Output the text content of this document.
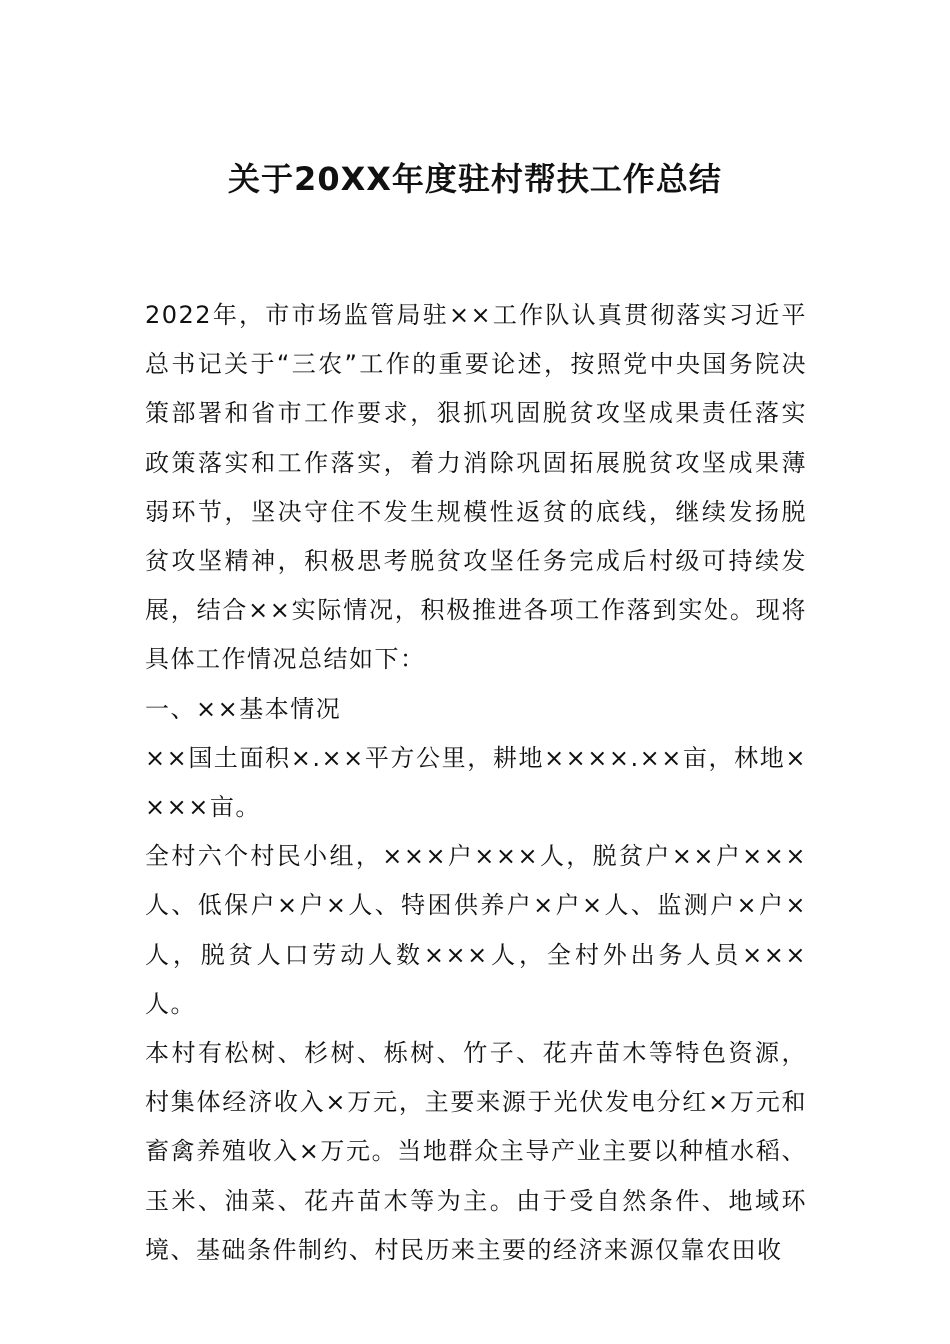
关于20XX年度驻村帮扶工作总结

2022年，市市场监管局驻××工作队认真贯彻落实习近平总书记关于“三农”工作的重要论述，按照党中央国务院决策部署和省市工作要求，狠抓巩固脱贫攻坚成果责任落实政策落实和工作落实，着力消除巩固拓展脱贫攻坚成果薄弱环节，坚决守住不发生规模性返贫的底线，继续发扬脱贫攻坚精神，积极思考脱贫攻坚任务完成后村级可持续发展，结合××实际情况，积极推进各项工作落到实处。现将具体工作情况总结如下：

一、××基本情况

××国土面积×.××平方公里，耕地××××.××亩，林地××××亩。

全村六个村民小组，×××户×××人，脱贫户××户×××人、低保户×户×人、特困供养户×户×人、监测户×户×人，脱贫人口劳动人数×××人，全村外出务人员×××人。

本村有松树、杉树、栎树、竹子、花卉苗木等特色资源，村集体经济收入×万元，主要来源于光伏发电分红×万元和畜禽养殖收入×万元。当地群众主导产业主要以种植水稻、玉米、油菜、花卉苗木等为主。由于受自然条件、地域环境、基础条件制约、村民历来主要的经济来源仅靠农田收
